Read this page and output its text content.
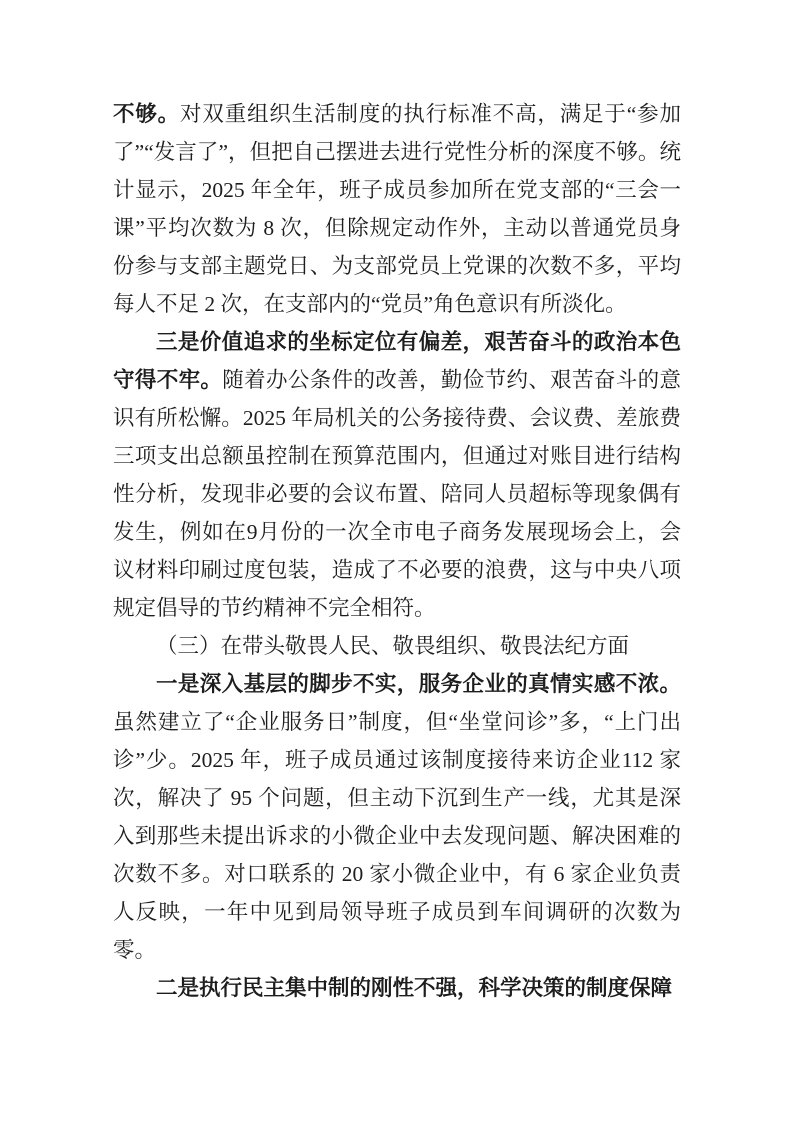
不够。对双重组织生活制度的执行标准不高，满足于“参加了”“发言了”，但把自己摆进去进行党性分析的深度不够。统计显示，2025 年全年，班子成员参加所在党支部的“三会一课”平均次数为 8 次，但除规定动作外，主动以普通党员身份参与支部主题党日、为支部党员上党课的次数不多，平均每人不足 2 次，在支部内的“党员”角色意识有所淡化。

三是价值追求的坐标定位有偏差，艰苦奋斗的政治本色守得不牢。随着办公条件的改善，勤俭节约、艰苦奋斗的意识有所松懈。2025 年局机关的公务接待费、会议费、差旅费三项支出总额虽控制在预算范围内，但通过对账目进行结构性分析，发现非必要的会议布置、陪同人员超标等现象偶有发生，例如在9月份的一次全市电子商务发展现场会上，会议材料印刷过度包装，造成了不必要的浪费，这与中央八项规定倡导的节约精神不完全相符。

（三）在带头敬畏人民、敬畏组织、敬畏法纪方面

一是深入基层的脚步不实，服务企业的真情实感不浓。虽然建立了“企业服务日”制度，但“坐堂问诊”多，“上门出诊”少。2025 年，班子成员通过该制度接待来访企业112 家次，解决了 95 个问题，但主动下沉到生产一线，尤其是深入到那些未提出诉求的小微企业中去发现问题、解决困难的次数不多。对口联系的 20 家小微企业中，有 6 家企业负责人反映，一年中见到局领导班子成员到车间调研的次数为零。

二是执行民主集中制的刚性不强，科学决策的制度保障
